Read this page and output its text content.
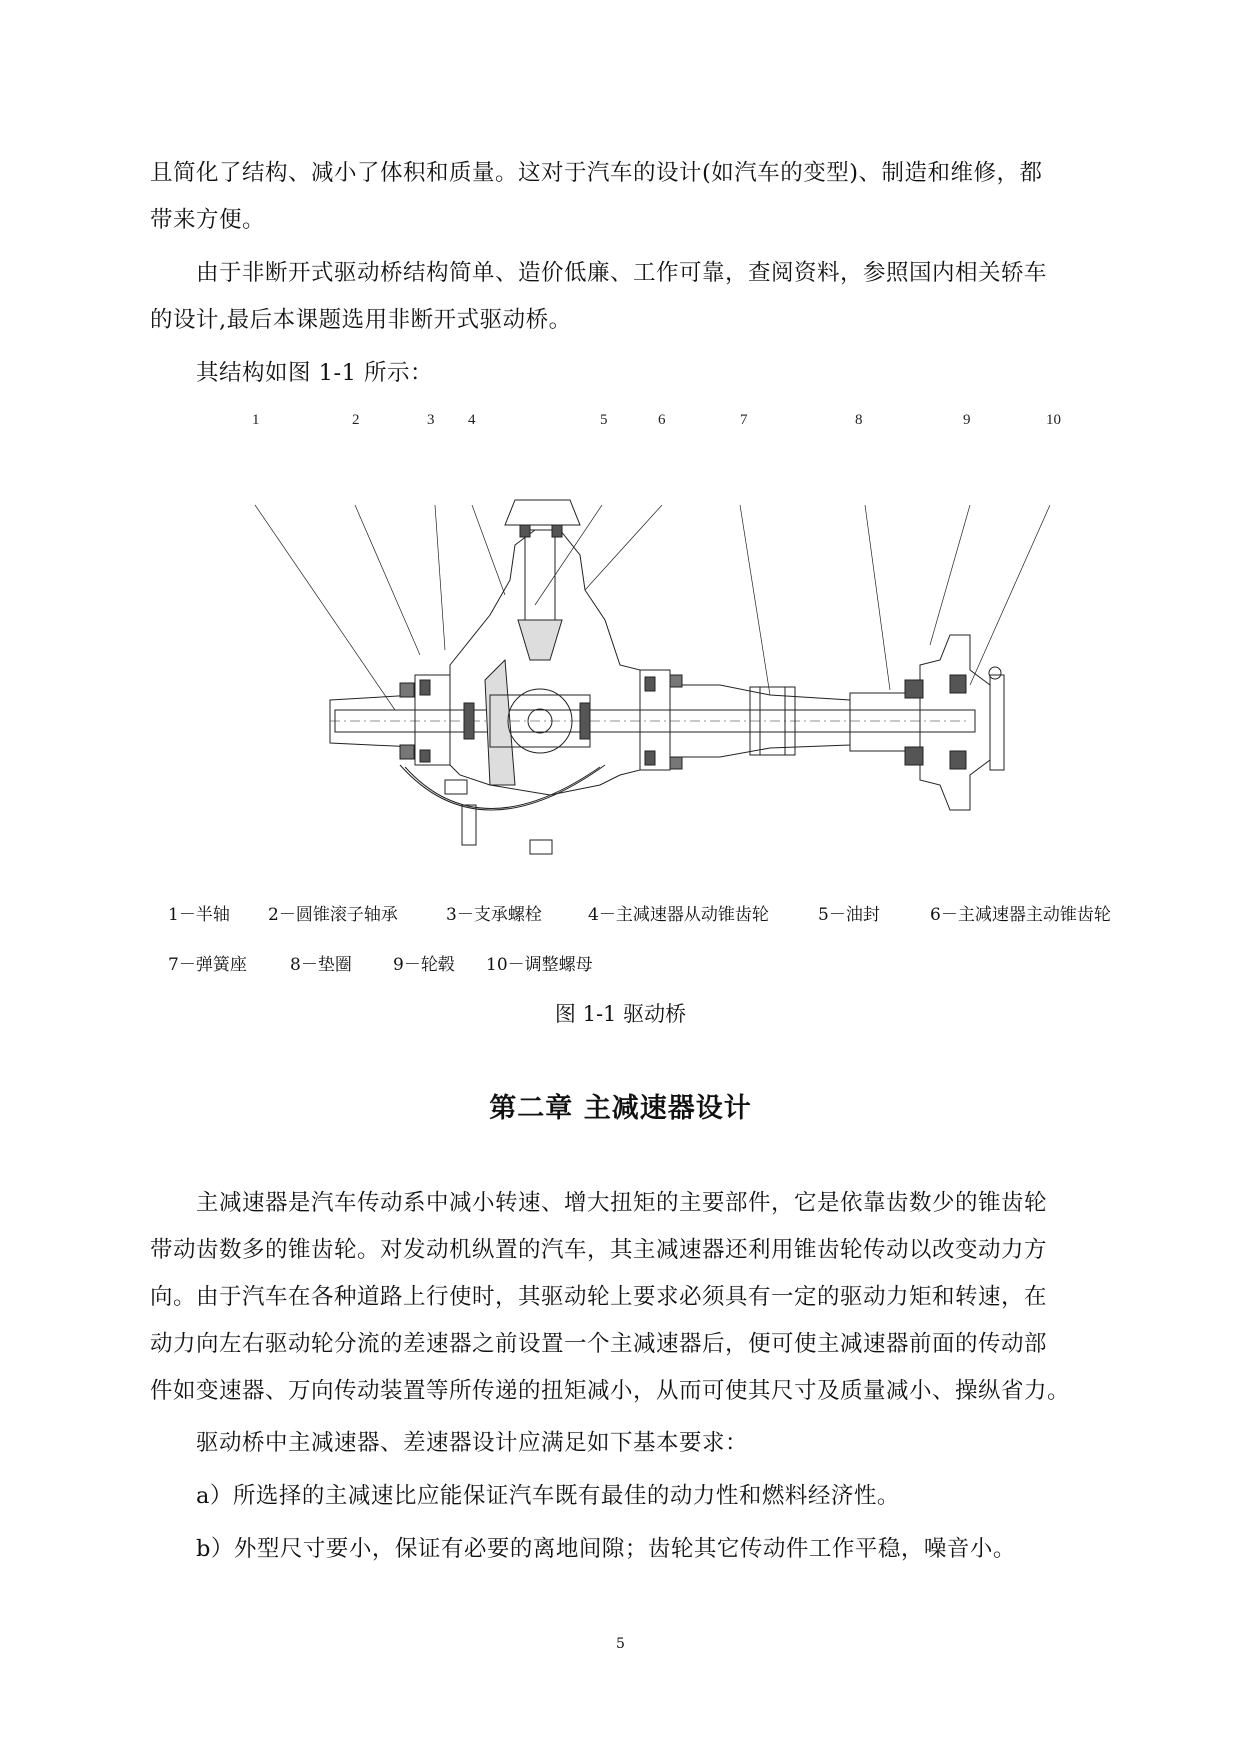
且简化了结构、减小了体积和质量。这对于汽车的设计(如汽车的变型)、制造和维修，都
带来方便。
由于非断开式驱动桥结构简单、造价低廉、工作可靠，查阅资料，参照国内相关轿车
的设计,最后本课题选用非断开式驱动桥。
其结构如图 1-1 所示：
1	2	3 4	5	6	7	8	9	10
1－半轴 2－圆锥滚子轴承	3－支承螺栓	4－主减速器从动锥齿轮	5－油封	6－主减速器主动锥齿轮
7－弹簧座	8－垫圈 9－轮毂 10－调整螺母
图 1-1 驱动桥
第二章 主减速器设计
主减速器是汽车传动系中减小转速、增大扭矩的主要部件，它是依靠齿数少的锥齿轮
带动齿数多的锥齿轮。对发动机纵置的汽车，其主减速器还利用锥齿轮传动以改变动力方
向。由于汽车在各种道路上行使时，其驱动轮上要求必须具有一定的驱动力矩和转速，在
动力向左右驱动轮分流的差速器之前设置一个主减速器后，便可使主减速器前面的传动部
件如变速器、万向传动装置等所传递的扭矩减小，从而可使其尺寸及质量减小、操纵省力。
驱动桥中主减速器、差速器设计应满足如下基本要求：
a）所选择的主减速比应能保证汽车既有最佳的动力性和燃料经济性。
b）外型尺寸要小，保证有必要的离地间隙；齿轮其它传动件工作平稳，噪音小。
5
